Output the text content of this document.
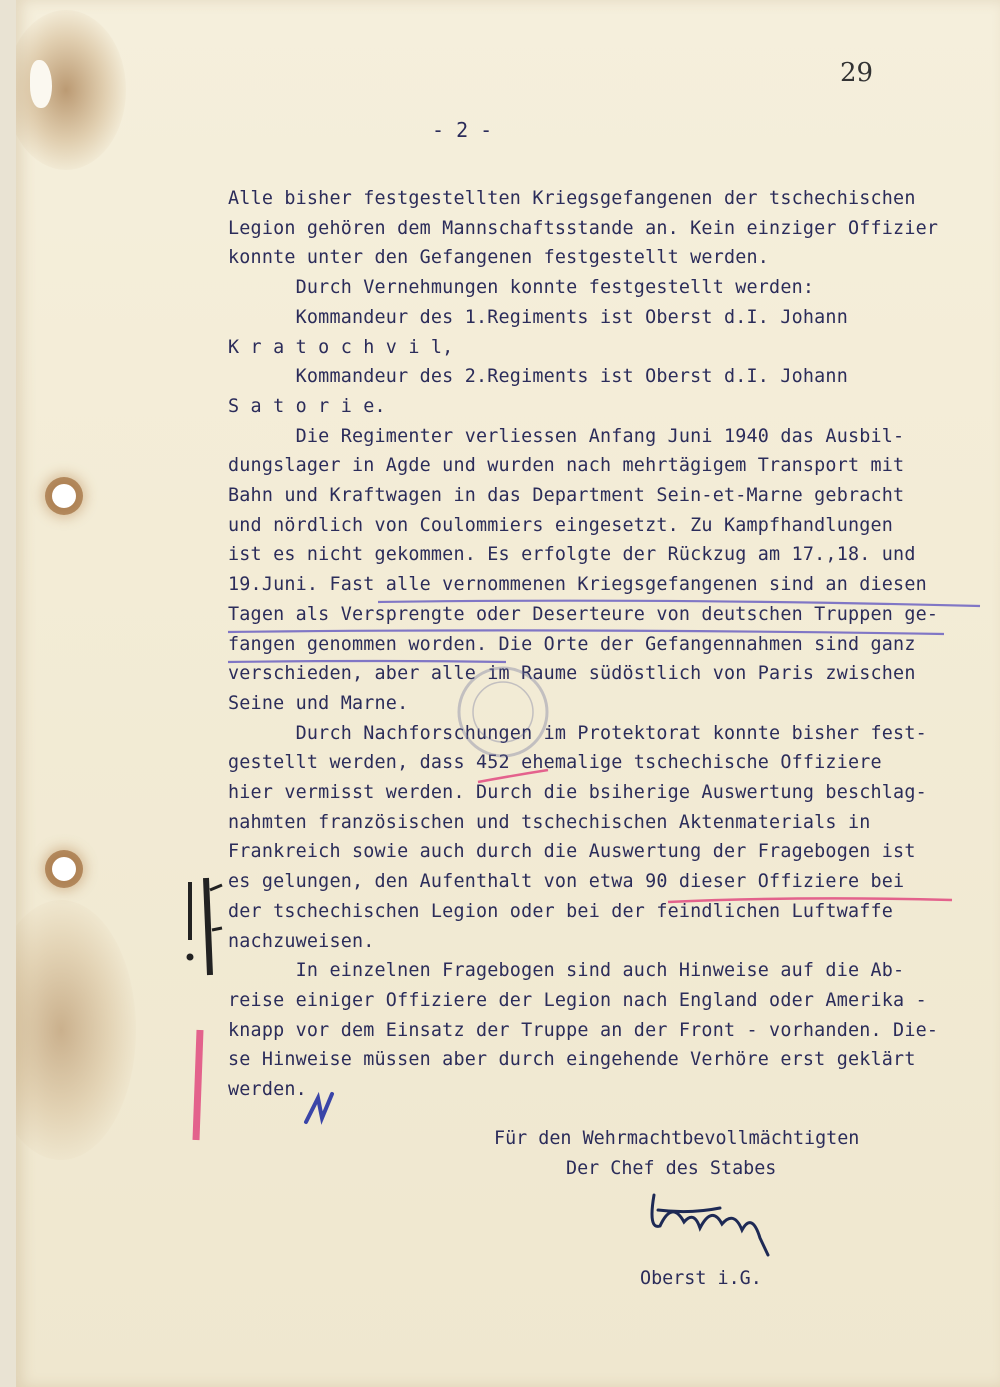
29
- 2 -
Alle bisher festgestellten Kriegsgefangenen der tschechischen
Legion gehören dem Mannschaftsstande an. Kein einziger Offizier
konnte unter den Gefangenen festgestellt werden.
Durch Vernehmungen konnte festgestellt werden:
Kommandeur des 1.Regiments ist Oberst d.I. Johann
K r a t o c h v i l,
Kommandeur des 2.Regiments ist Oberst d.I. Johann
S a t o r i e.
Die Regimenter verliessen Anfang Juni 1940 das Ausbil-
dungslager in Agde und wurden nach mehrtägigem Transport mit
Bahn und Kraftwagen in das Department Sein-et-Marne gebracht
und nördlich von Coulommiers eingesetzt. Zu Kampfhandlungen
ist es nicht gekommen. Es erfolgte der Rückzug am 17.,18. und
19.Juni. Fast alle vernommenen Kriegsgefangenen sind an diesen
Tagen als Versprengte oder Deserteure von deutschen Truppen ge-
fangen genommen worden. Die Orte der Gefangennahmen sind ganz
verschieden, aber alle im Raume südöstlich von Paris zwischen
Seine und Marne.
Durch Nachforschungen im Protektorat konnte bisher fest-
gestellt werden, dass 452 ehemalige tschechische Offiziere
hier vermisst werden. Durch die bsiherige Auswertung beschlag-
nahmten französischen und tschechischen Aktenmaterials in
Frankreich sowie auch durch die Auswertung der Fragebogen ist
es gelungen, den Aufenthalt von etwa 90 dieser Offiziere bei
der tschechischen Legion oder bei der feindlichen Luftwaffe
nachzuweisen.
In einzelnen Fragebogen sind auch Hinweise auf die Ab-
reise einiger Offiziere der Legion nach England oder Amerika -
knapp vor dem Einsatz der Truppe an der Front - vorhanden. Die-
se Hinweise müssen aber durch eingehende Verhöre erst geklärt
werden.
Für den Wehrmachtbevollmächtigten
Der Chef des Stabes
Oberst i.G.
